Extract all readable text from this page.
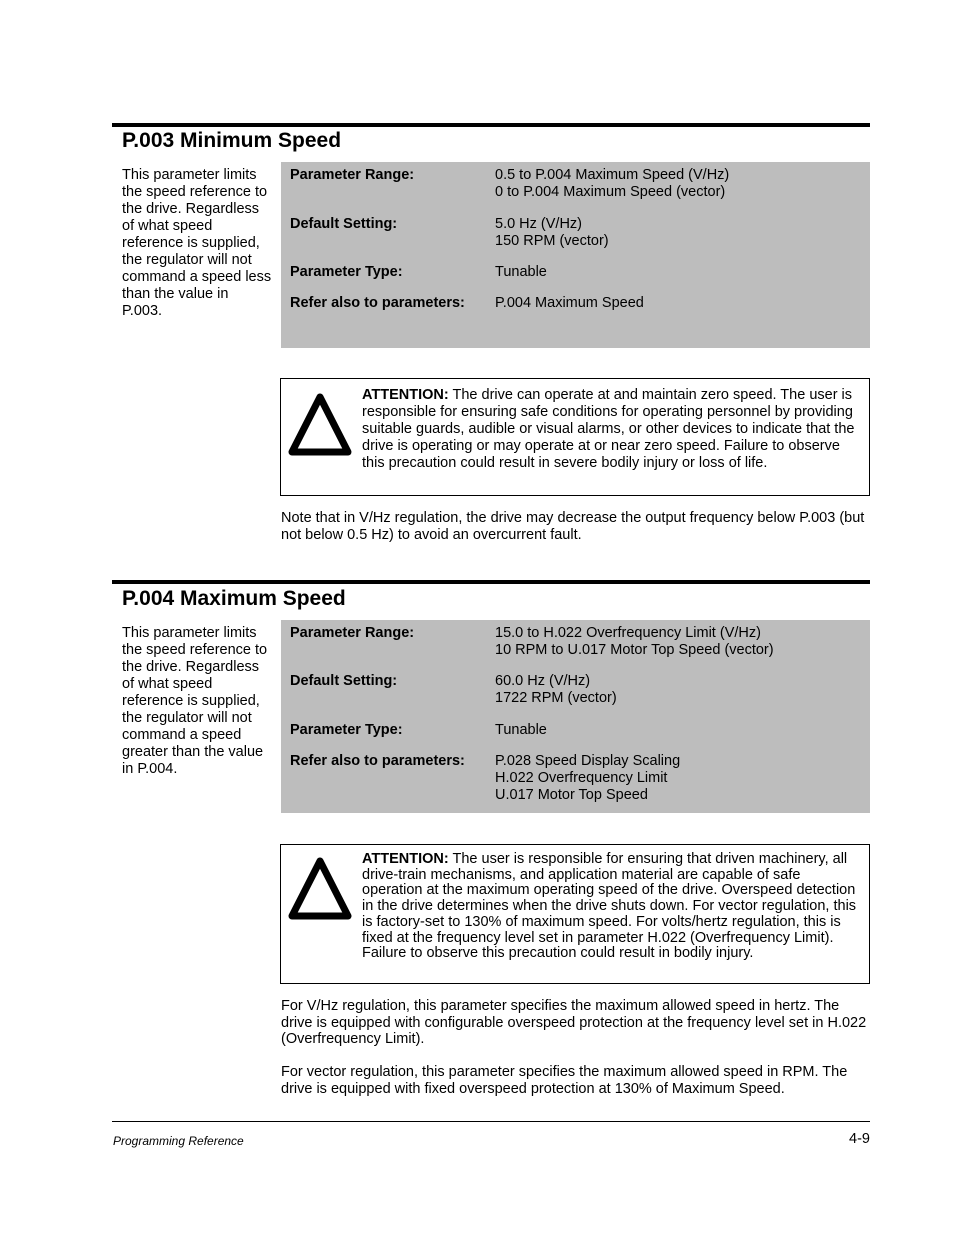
P.003 Minimum Speed

This parameter limits the speed reference to the drive. Regardless of what speed reference is supplied, the regulator will not command a speed less than the value in P.003.

Parameter Range:	0.5 to P.004 Maximum Speed (V/Hz)
0 to P.004 Maximum Speed (vector)
Default Setting:	5.0 Hz (V/Hz)
150 RPM (vector)
Parameter Type:	Tunable
Refer also to parameters: P.004 Maximum Speed

ATTENTION: The drive can operate at and maintain zero speed. The user is responsible for ensuring safe conditions for operating personnel by providing suitable guards, audible or visual alarms, or other devices to indicate that the drive is operating or may operate at or near zero speed. Failure to observe this precaution could result in severe bodily injury or loss of life.

Note that in V/Hz regulation, the drive may decrease the output frequency below P.003 (but not below 0.5 Hz) to avoid an overcurrent fault.

P.004 Maximum Speed

This parameter limits the speed reference to the drive. Regardless of what speed reference is supplied, the regulator will not command a speed greater than the value in P.004.

Parameter Range:	15.0 to H.022 Overfrequency Limit (V/Hz)
10 RPM to U.017 Motor Top Speed (vector)
Default Setting:	60.0 Hz (V/Hz)
1722 RPM (vector)
Parameter Type:	Tunable
Refer also to parameters: P.028 Speed Display Scaling
H.022 Overfrequency Limit
U.017 Motor Top Speed

ATTENTION: The user is responsible for ensuring that driven machinery, all drive-train mechanisms, and application material are capable of safe operation at the maximum operating speed of the drive. Overspeed detection in the drive determines when the drive shuts down. For vector regulation, this is factory-set to 130% of maximum speed. For volts/hertz regulation, this is fixed at the frequency level set in parameter H.022 (Overfrequency Limit). Failure to observe this precaution could result in bodily injury.

For V/Hz regulation, this parameter specifies the maximum allowed speed in hertz. The drive is equipped with configurable overspeed protection at the frequency level set in H.022 (Overfrequency Limit).

For vector regulation, this parameter specifies the maximum allowed speed in RPM. The drive is equipped with fixed overspeed protection at 130% of Maximum Speed.

Programming Reference	4-9
